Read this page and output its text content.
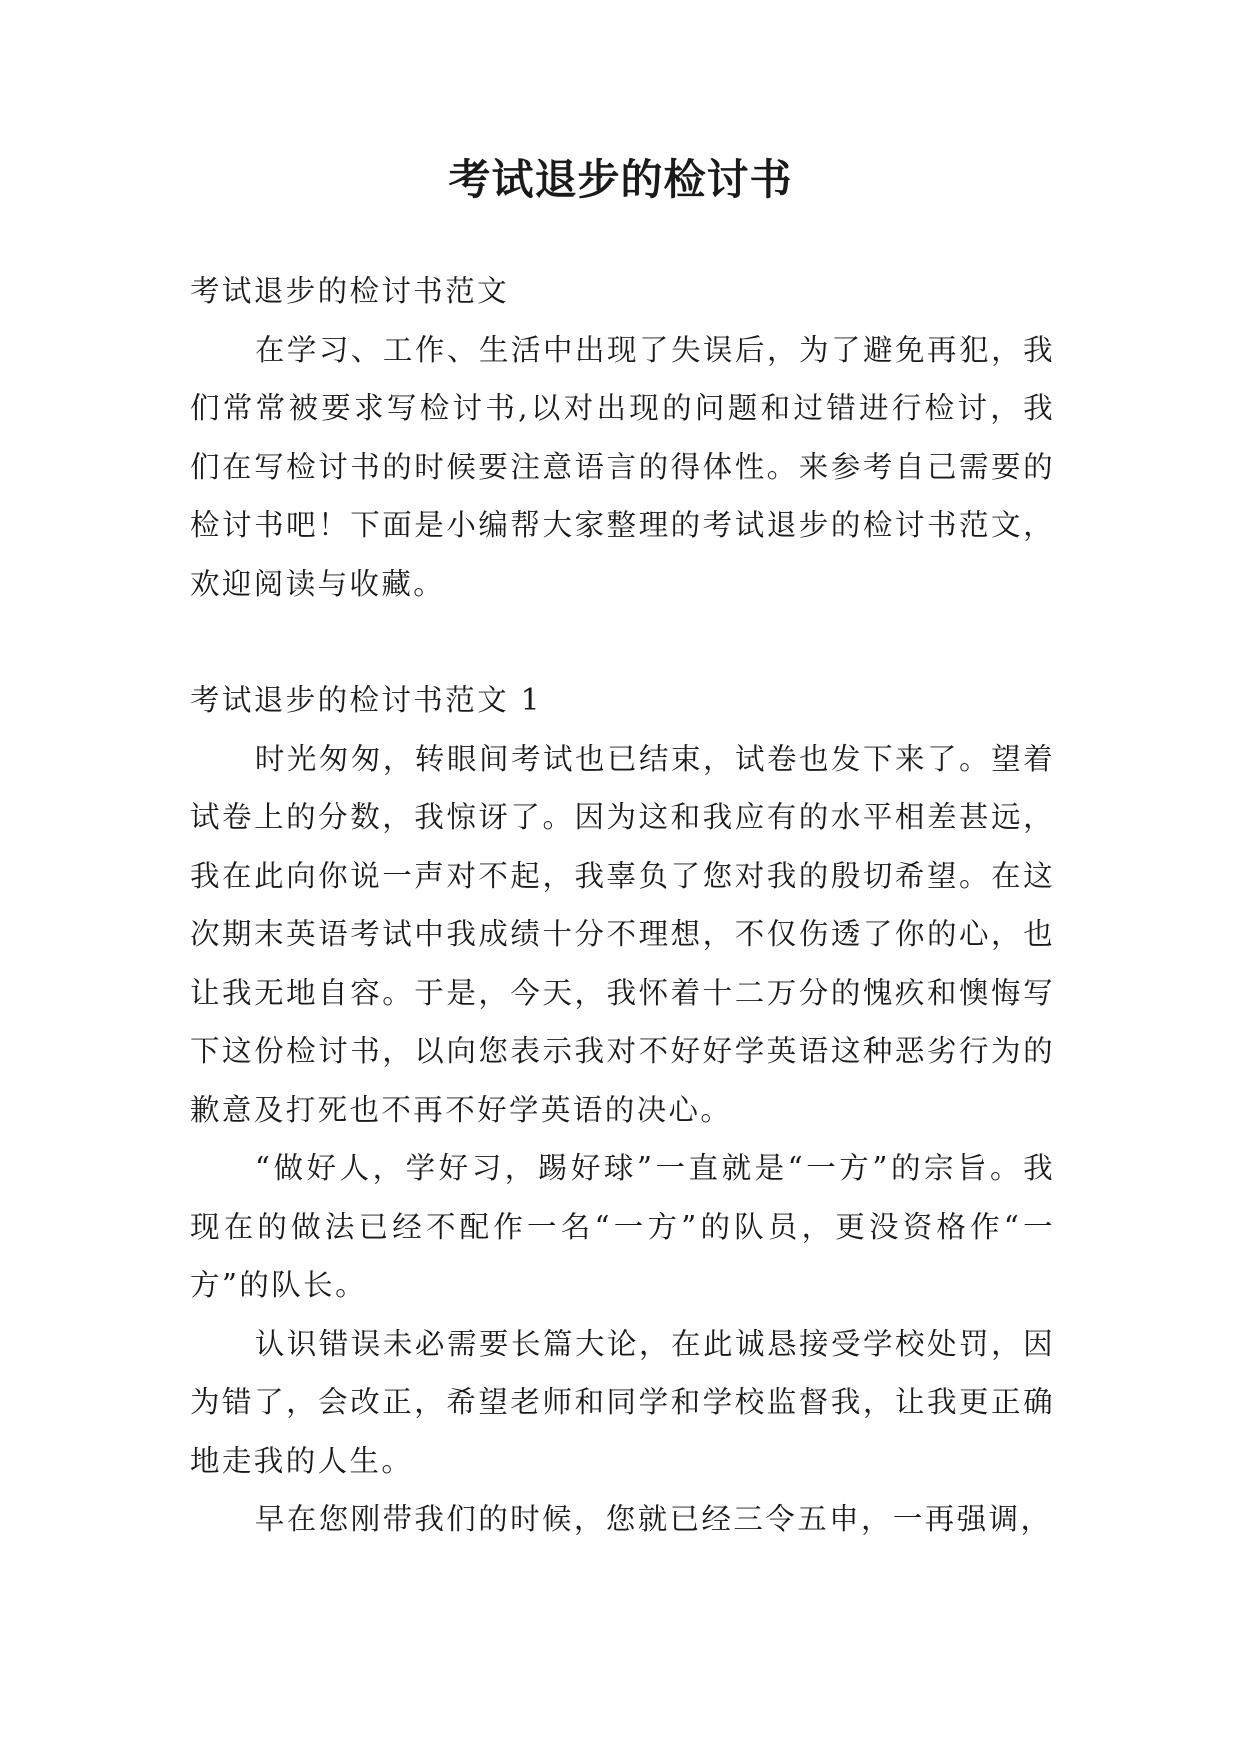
考试退步的检讨书

考试退步的检讨书范文

在学习、工作、生活中出现了失误后，为了避免再犯，我们常常被要求写检讨书,以对出现的问题和过错进行检讨，我们在写检讨书的时候要注意语言的得体性。来参考自己需要的检讨书吧！下面是小编帮大家整理的考试退步的检讨书范文，欢迎阅读与收藏。

考试退步的检讨书范文 1

时光匆匆，转眼间考试也已结束，试卷也发下来了。望着试卷上的分数，我惊讶了。因为这和我应有的水平相差甚远，我在此向你说一声对不起，我辜负了您对我的殷切希望。在这次期末英语考试中我成绩十分不理想，不仅伤透了你的心，也让我无地自容。于是，今天，我怀着十二万分的愧疚和懊悔写下这份检讨书，以向您表示我对不好好学英语这种恶劣行为的歉意及打死也不再不好学英语的决心。

“做好人，学好习，踢好球”一直就是“一方”的宗旨。我现在的做法已经不配作一名“一方”的队员，更没资格作“一方”的队长。

认识错误未必需要长篇大论，在此诚恳接受学校处罚，因为错了，会改正，希望老师和同学和学校监督我，让我更正确地走我的人生。

早在您刚带我们的时候，您就已经三令五申，一再强调，
